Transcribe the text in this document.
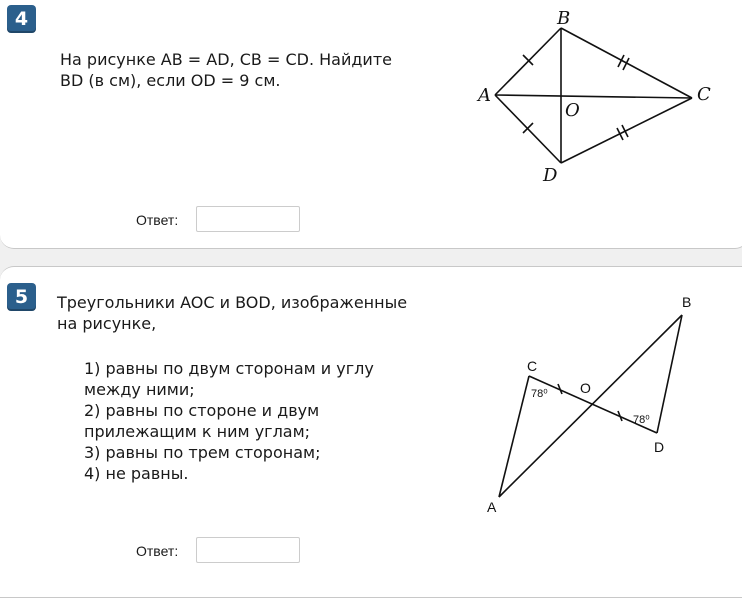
4
На рисунке AB = AD, CB = CD. Найдите
BD (в см), если OD = 9 см.
B
A	C
D
O
Ответ:
5	Треугольники AOC и BOD, изображенные
на рисунке,
1) равны по двум сторонам и углу
между ними;
2) равны по стороне и двум
прилежащим к ним углам;
3) равны по трем сторонам;
4) не равны.
C
B
O
D
A
78⁰
78⁰
Ответ:
